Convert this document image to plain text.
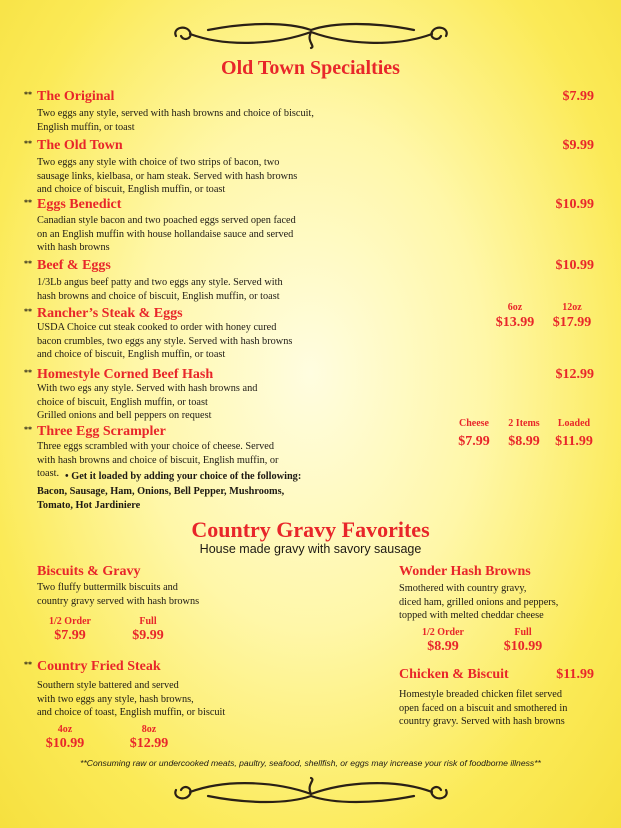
Old Town Specialties
** The Original	$7.99
Two eggs any style, served with hash browns and choice of biscuit,
English muffin, or toast
** The Old Town	$9.99
Two eggs any style with choice of two strips of bacon, two
sausage links, kielbasa, or ham steak. Served with hash browns
and choice of biscuit, English muffin, or toast
** Eggs Benedict	$10.99
Canadian style bacon and two poached eggs served open faced
on an English muffin with house hollandaise sauce and served
with hash browns
** Beef & Eggs	$10.99
1/3Lb angus beef patty and two eggs any style. Served with
hash browns and choice of biscuit, English muffin, or toast
** Rancher’s Steak & Eggs
USDA Choice cut steak cooked to order with honey cured
bacon crumbles, two eggs any style. Served with hash browns
and choice of biscuit, English muffin, or toast
6oz	12oz
$13.99	$17.99
** Homestyle Corned Beef Hash	$12.99
With two egs any style. Served with hash browns and
choice of biscuit, English muffin, or toast
Grilled onions and bell peppers on request
** Three Egg Scrampler
Three eggs scrambled with your choice of cheese. Served
with hash browns and choice of biscuit, English muffin, or
toast. • Get it loaded by adding your choice of the following:
Bacon, Sausage, Ham, Onions, Bell Pepper, Mushrooms,
Tomato, Hot Jardiniere
Cheese	2 Items	Loaded
$7.99	$8.99	$11.99
Country Gravy Favorites
House made gravy with savory sausage
Biscuits & Gravy
Two fluffy buttermilk biscuits and
country gravy served with hash browns
1/2 Order	Full
$7.99	$9.99
** Country Fried Steak
Southern style battered and served
with two eggs any style, hash browns,
and choice of toast, English muffin, or biscuit
4oz	8oz
$10.99	$12.99
Wonder Hash Browns
Smothered with country gravy,
diced ham, grilled onions and peppers,
topped with melted cheddar cheese
1/2 Order	Full
$8.99	$10.99
Chicken & Biscuit	$11.99
Homestyle breaded chicken filet served
open faced on a biscuit and smothered in
country gravy. Served with hash browns
**Consuming raw or undercooked meats, paultry, seafood, shellfish, or eggs may increase your risk of foodborne illness**
